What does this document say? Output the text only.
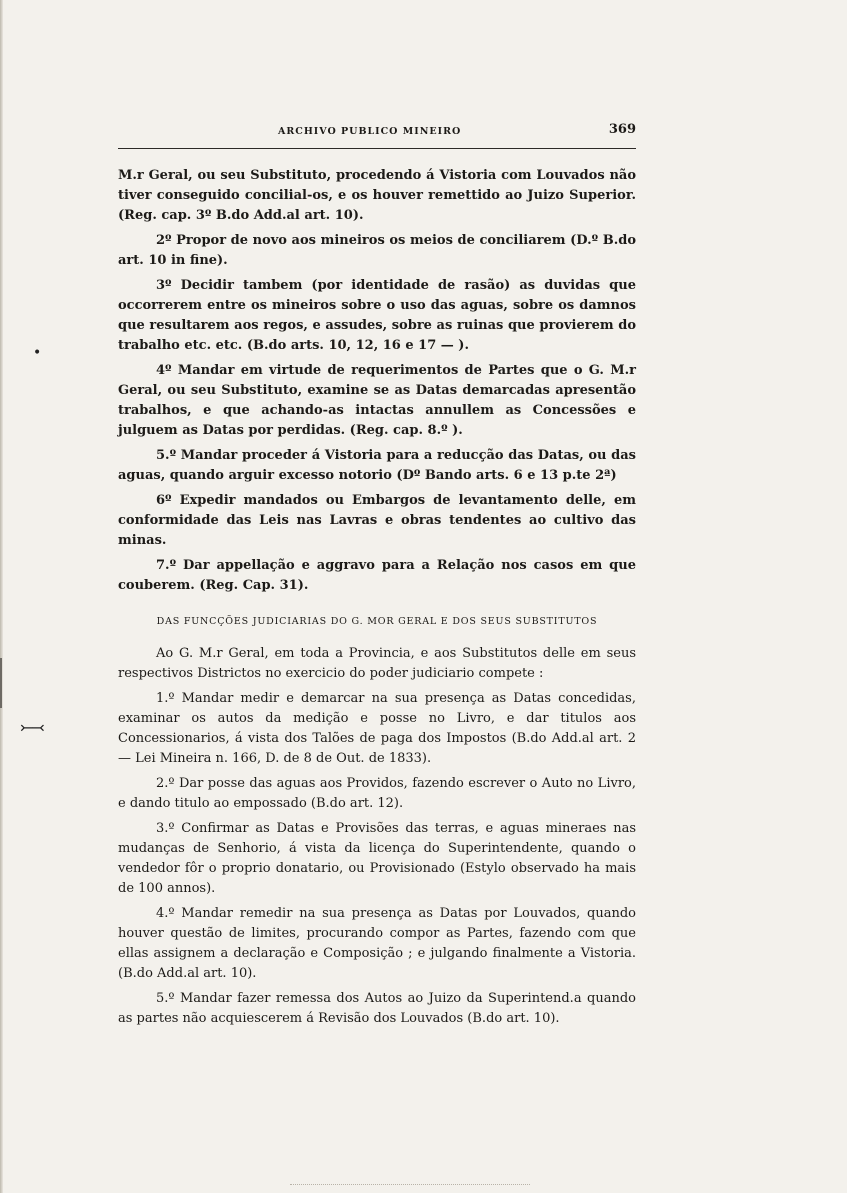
•
⤚⤙
ARCHIVO PUBLICO MINEIRO	369

M.r Geral, ou seu Substituto, procedendo á Vistoria com Louvados não tiver conseguido concilial-os, e os houver remettido ao Juizo Superior. (Reg. cap. 3º B.do Add.al art. 10).

2º Propor de novo aos mineiros os meios de conciliarem (D.º B.do art. 10 in fine).

3º Decidir tambem (por identidade de rasão) as duvidas que occorrerem entre os mineiros sobre o uso das aguas, sobre os damnos que resultarem aos regos, e assudes, sobre as ruinas que provierem do trabalho etc. etc. (B.do arts. 10, 12, 16 e 17 — ).

4º Mandar em virtude de requerimentos de Partes que o G. M.r Geral, ou seu Substituto, examine se as Datas demarcadas apresentão trabalhos, e que achando-as intactas annullem as Concessões e julguem as Datas por perdidas. (Reg. cap. 8.º ).

5.º Mandar proceder á Vistoria para a reducção das Datas, ou das aguas, quando arguir excesso notorio (Dº Bando arts. 6 e 13 p.te 2ª)

6º Expedir mandados ou Embargos de levantamento delle, em conformidade das Leis nas Lavras e obras tendentes ao cultivo das minas.

7.º Dar appellação e aggravo para a Relação nos casos em que couberem. (Reg. Cap. 31).

DAS FUNCÇÕES JUDICIARIAS DO G. MOR GERAL E DOS SEUS SUBSTITUTOS

Ao G. M.r Geral, em toda a Provincia, e aos Substitutos delle em seus respectivos Districtos no exercicio do poder judiciario compete :

1.º Mandar medir e demarcar na sua presença as Datas concedidas, examinar os autos da medição e posse no Livro, e dar titulos aos Concessionarios, á vista dos Talões de paga dos Impostos (B.do Add.al art. 2 — Lei Mineira n. 166, D. de 8 de Out. de 1833).

2.º Dar posse das aguas aos Providos, fazendo escrever o Auto no Livro, e dando titulo ao empossado (B.do art. 12).

3.º Confirmar as Datas e Provisões das terras, e aguas mineraes nas mudanças de Senhorio, á vista da licença do Superintendente, quando o vendedor fôr o proprio donatario, ou Provisionado (Estylo observado ha mais de 100 annos).

4.º Mandar remedir na sua presença as Datas por Louvados, quando houver questão de limites, procurando compor as Partes, fazendo com que ellas assignem a declaração e Composição ; e julgando finalmente a Vistoria. (B.do Add.al art. 10).

5.º Mandar fazer remessa dos Autos ao Juizo da Superintend.a quando as partes não acquiescerem á Revisão dos Louvados (B.do art. 10).
